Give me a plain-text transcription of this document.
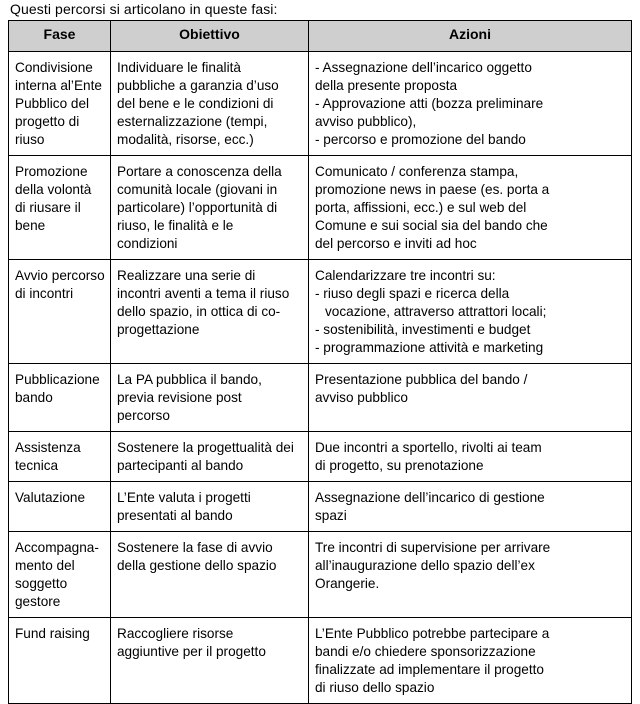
Questi percorsi si articolano in queste fasi:
Fase	Obiettivo	Azioni

Condivisione
interna al’Ente
Pubblico del
progetto di
riuso	Individuare le finalità
pubbliche a garanzia d’uso
del bene e le condizioni di
esternalizzazione (tempi,
modalità, risorse, ecc.)	- Assegnazione dell’incarico oggetto
della presente proposta
- Approvazione atti (bozza preliminare
avviso pubblico),
- percorso e promozione del bando

Promozione
della volontà
di riusare il
bene	Portare a conoscenza della
comunità locale (giovani in
particolare) l’opportunità di
riuso, le finalità e le
condizioni	Comunicato / conferenza stampa,
promozione news in paese (es. porta a
porta, affissioni, ecc.) e sul web del
Comune e sui social sia del bando che
del percorso e inviti ad hoc

Avvio percorso
di incontri	Realizzare una serie di
incontri aventi a tema il riuso
dello spazio, in ottica di co-
progettazione	Calendarizzare tre incontri su:
- riuso degli spazi e ricerca della
vocazione, attraverso attrattori locali;
- sostenibilità, investimenti e budget
- programmazione attività e marketing

Pubblicazione
bando	La PA pubblica il bando,
previa revisione post
percorso	Presentazione pubblica del bando /
avviso pubblico

Assistenza
tecnica	Sostenere la progettualità dei
partecipanti al bando	Due incontri a sportello, rivolti ai team
di progetto, su prenotazione

Valutazione	L’Ente valuta i progetti
presentati al bando	Assegnazione dell’incarico di gestione
spazi

Accompagna-
mento del
soggetto
gestore	Sostenere la fase di avvio
della gestione dello spazio	Tre incontri di supervisione per arrivare
all’inaugurazione dello spazio dell’ex
Orangerie.

Fund raising	Raccogliere risorse
aggiuntive per il progetto	L’Ente Pubblico potrebbe partecipare a
bandi e/o chiedere sponsorizzazione
finalizzate ad implementare il progetto
di riuso dello spazio
